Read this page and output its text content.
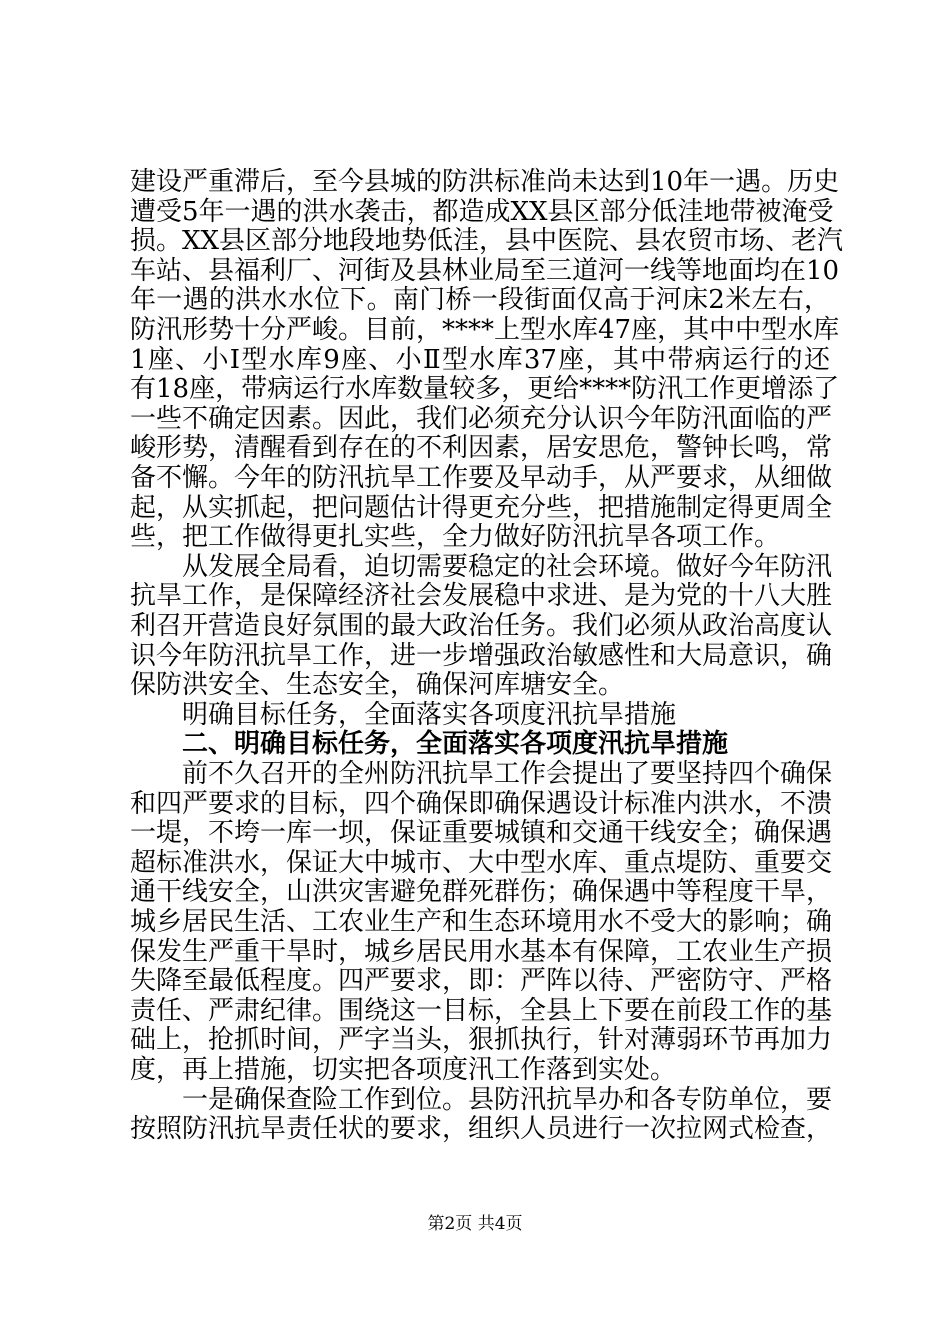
建设严重滞后，至今县城的防洪标准尚未达到10年一遇。历史
遭受5年一遇的洪水袭击，都造成XX县区部分低洼地带被淹受
损。XX县区部分地段地势低洼，县中医院、县农贸市场、老汽
车站、县福利厂、河街及县林业局至三道河一线等地面均在10
年一遇的洪水水位下。南门桥一段街面仅高于河床2米左右，
防汛形势十分严峻。目前，****上型水库47座，其中中型水库
1座、小Ⅰ型水库9座、小Ⅱ型水库37座，其中带病运行的还
有18座，带病运行水库数量较多，更给****防汛工作更增添了
一些不确定因素。因此，我们必须充分认识今年防汛面临的严
峻形势，清醒看到存在的不利因素，居安思危，警钟长鸣，常
备不懈。今年的防汛抗旱工作要及早动手，从严要求，从细做
起，从实抓起，把问题估计得更充分些，把措施制定得更周全
些，把工作做得更扎实些，全力做好防汛抗旱各项工作。
从发展全局看，迫切需要稳定的社会环境。做好今年防汛
抗旱工作，是保障经济社会发展稳中求进、是为党的十八大胜
利召开营造良好氛围的最大政治任务。我们必须从政治高度认
识今年防汛抗旱工作，进一步增强政治敏感性和大局意识，确
保防洪安全、生态安全，确保河库塘安全。
明确目标任务，全面落实各项度汛抗旱措施
二、明确目标任务，全面落实各项度汛抗旱措施
前不久召开的全州防汛抗旱工作会提出了要坚持四个确保
和四严要求的目标，四个确保即确保遇设计标准内洪水，不溃
一堤，不垮一库一坝，保证重要城镇和交通干线安全；确保遇
超标准洪水，保证大中城市、大中型水库、重点堤防、重要交
通干线安全，山洪灾害避免群死群伤；确保遇中等程度干旱，
城乡居民生活、工农业生产和生态环境用水不受大的影响；确
保发生严重干旱时，城乡居民用水基本有保障，工农业生产损
失降至最低程度。四严要求，即：严阵以待、严密防守、严格
责任、严肃纪律。围绕这一目标，全县上下要在前段工作的基
础上，抢抓时间，严字当头，狠抓执行，针对薄弱环节再加力
度，再上措施，切实把各项度汛工作落到实处。
一是确保查险工作到位。县防汛抗旱办和各专防单位，要
按照防汛抗旱责任状的要求，组织人员进行一次拉网式检查，
第2页 共4页
